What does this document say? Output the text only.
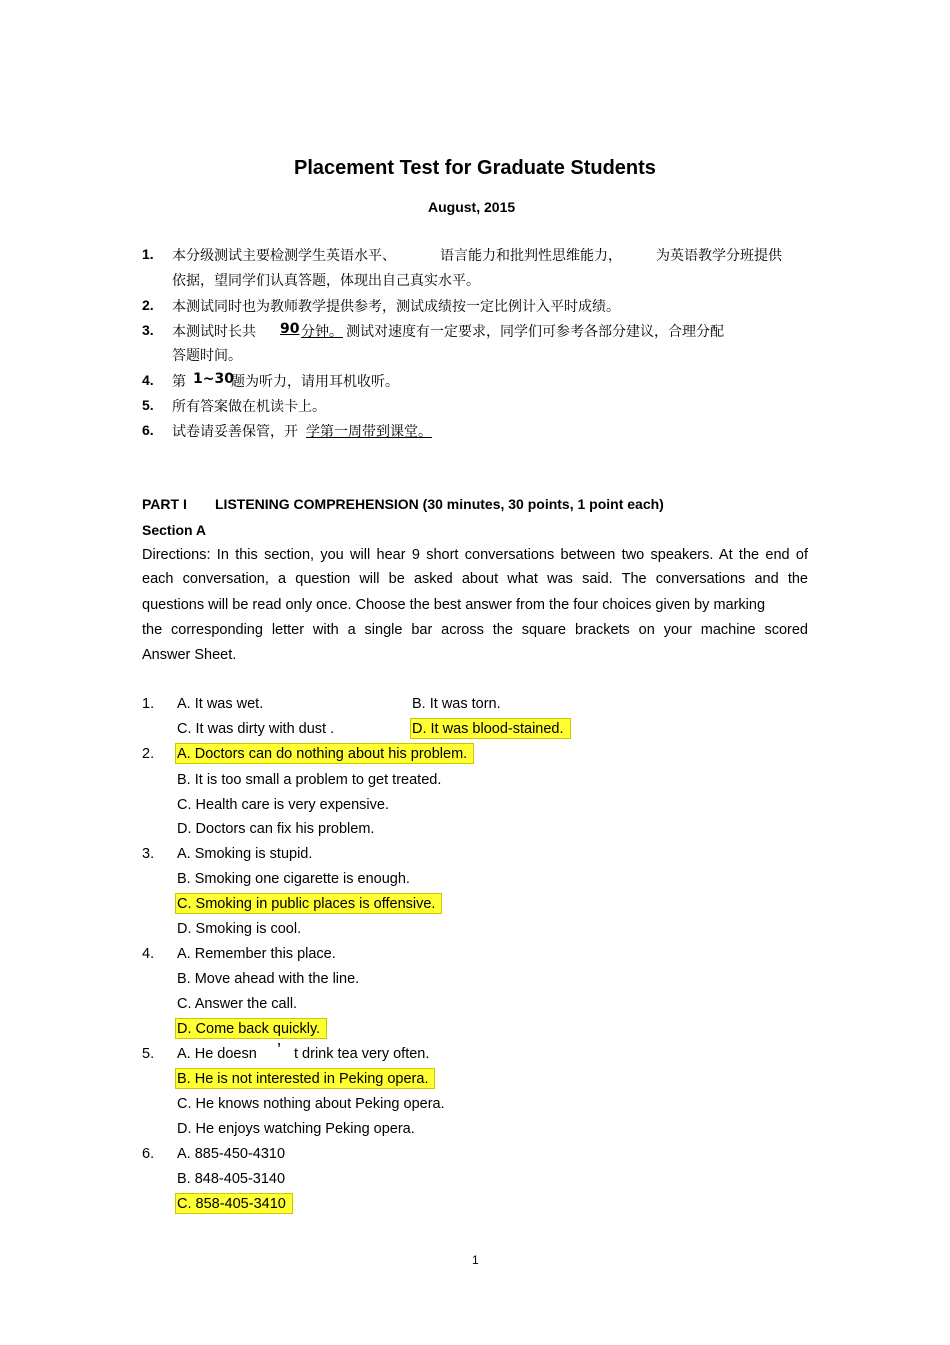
Placement Test for Graduate Students
August, 2015
1. 本分级测试主要检测学生英语水平、	语言能力和批判性思维能力， 为英语教学分班提供
依据，望同学们认真答题，体现出自己真实水平。
2. 本测试同时也为教师教学提供参考，测试成绩按一定比例计入平时成绩。
3. 本测试时长共 90 分钟。 测试对速度有一定要求，同学们可参考各部分建议，合理分配
答题时间。
4. 第 1~30
题为听力，请用耳机收听。
5. 所有答案做在机读卡上。
6. 试卷请妥善保管，开 学第一周带到课堂。
PART I LISTENING COMPREHENSION (30 minutes, 30 points, 1 point each)
Section A
Directions: In this section, you will hear 9 short conversations between two speakers. At the end of
each conversation, a question will be asked about what was said. The conversations and the
questions will be read only once. Choose the best answer from the four choices given by marking
the corresponding letter with a single bar across the square brackets on your machine scored
Answer Sheet.
1. A. It was wet.	B. It was torn.
C. It was dirty with dust .	D. It was blood-stained.
2. A. Doctors can do nothing about his problem.
B. It is too small a problem to get treated.
C. Health care is very expensive.
D. Doctors can fix his problem.
3. A. Smoking is stupid.
B. Smoking one cigarette is enough.
C. Smoking in public places is offensive.
D. Smoking is cool.
4. A. Remember this place.
B. Move ahead with the line.
C. Answer the call.
D. Come back quickly.
5. A. He doesn ’ t drink tea very often.
B. He is not interested in Peking opera.
C. He knows nothing about Peking opera.
D. He enjoys watching Peking opera.
6. A. 885-450-4310
B. 848-405-3140
C. 858-405-3410
1
